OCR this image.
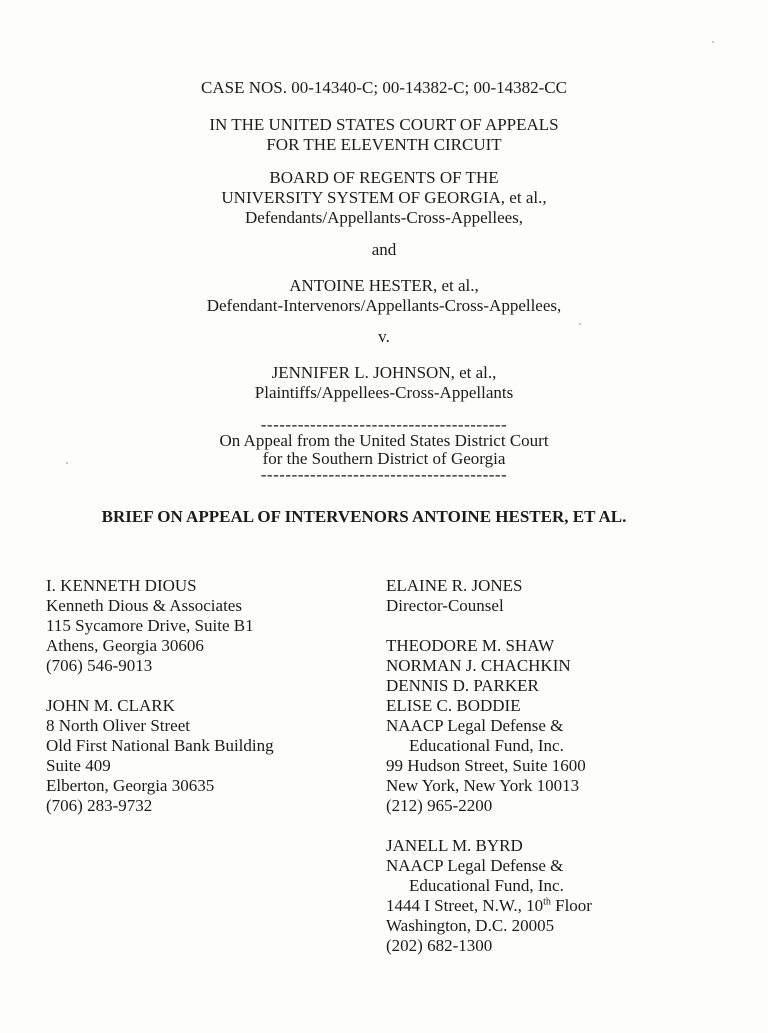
CASE NOS. 00-14340-C; 00-14382-C; 00-14382-CC
IN THE UNITED STATES COURT OF APPEALS
FOR THE ELEVENTH CIRCUIT
BOARD OF REGENTS OF THE
UNIVERSITY SYSTEM OF GEORGIA, et al.,
Defendants/Appellants-Cross-Appellees,
and
ANTOINE HESTER, et al.,
Defendant-Intervenors/Appellants-Cross-Appellees,
v.
JENNIFER L. JOHNSON, et al.,
Plaintiffs/Appellees-Cross-Appellants
----------------------------------------
On Appeal from the United States District Court
for the Southern District of Georgia
----------------------------------------
BRIEF ON APPEAL OF INTERVENORS ANTOINE HESTER, ET AL.
I. KENNETH DIOUS
Kenneth Dious & Associates
115 Sycamore Drive, Suite B1
Athens, Georgia 30606
(706) 546-9013
JOHN M. CLARK
8 North Oliver Street
Old First National Bank Building
Suite 409
Elberton, Georgia 30635
(706) 283-9732
ELAINE R. JONES
Director-Counsel
THEODORE M. SHAW
NORMAN J. CHACHKIN
DENNIS D. PARKER
ELISE C. BODDIE
NAACP Legal Defense &
Educational Fund, Inc.
99 Hudson Street, Suite 1600
New York, New York 10013
(212) 965-2200
JANELL M. BYRD
NAACP Legal Defense &
Educational Fund, Inc.
1444 I Street, N.W., 10th Floor
Washington, D.C. 20005
(202) 682-1300
